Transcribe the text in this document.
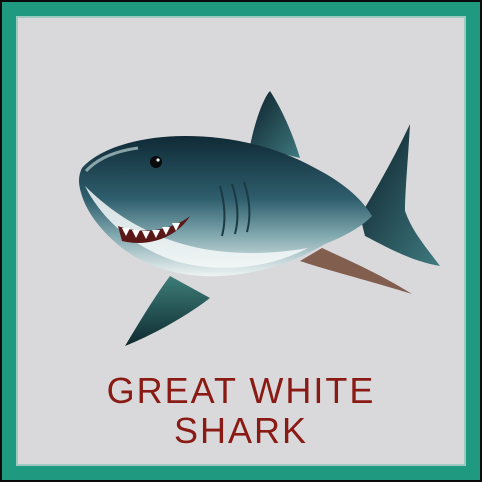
GREAT WHITE
SHARK
